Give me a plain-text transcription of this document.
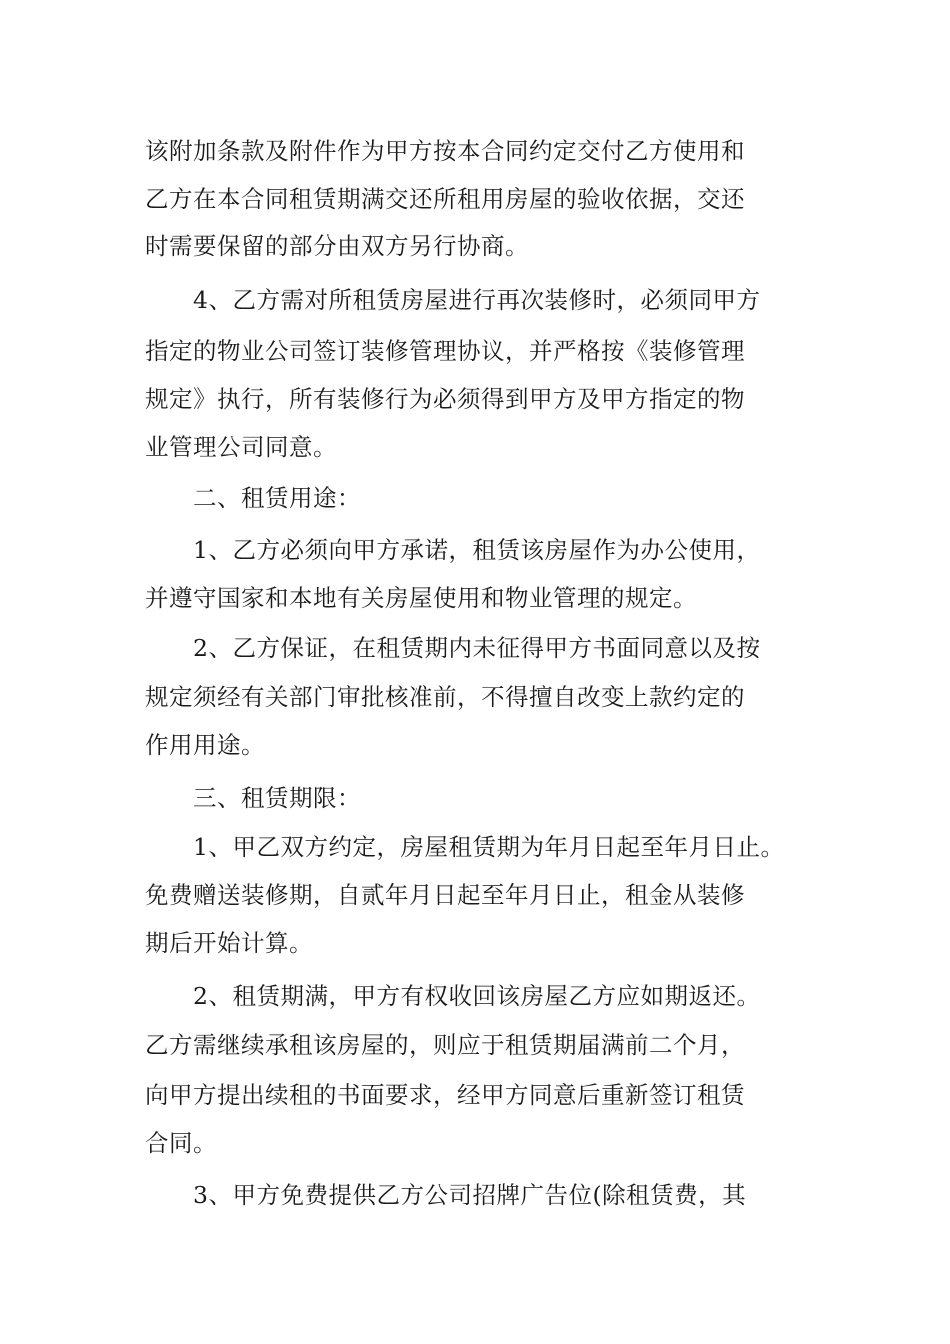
该附加条款及附件作为甲方按本合同约定交付乙方使用和
乙方在本合同租赁期满交还所租用房屋的验收依据，交还
时需要保留的部分由双方另行协商。
4、乙方需对所租赁房屋进行再次装修时，必须同甲方
指定的物业公司签订装修管理协议，并严格按《装修管理
规定》执行，所有装修行为必须得到甲方及甲方指定的物
业管理公司同意。
二、租赁用途：
1、乙方必须向甲方承诺，租赁该房屋作为办公使用，
并遵守国家和本地有关房屋使用和物业管理的规定。
2、乙方保证，在租赁期内未征得甲方书面同意以及按
规定须经有关部门审批核准前，不得擅自改变上款约定的
作用用途。
三、租赁期限：
1、甲乙双方约定，房屋租赁期为年月日起至年月日止。
免费赠送装修期，自贰年月日起至年月日止，租金从装修
期后开始计算。
2、租赁期满，甲方有权收回该房屋乙方应如期返还。
乙方需继续承租该房屋的，则应于租赁期届满前二个月，
向甲方提出续租的书面要求，经甲方同意后重新签订租赁
合同。
3、甲方免费提供乙方公司招牌广告位(除租赁费，其
